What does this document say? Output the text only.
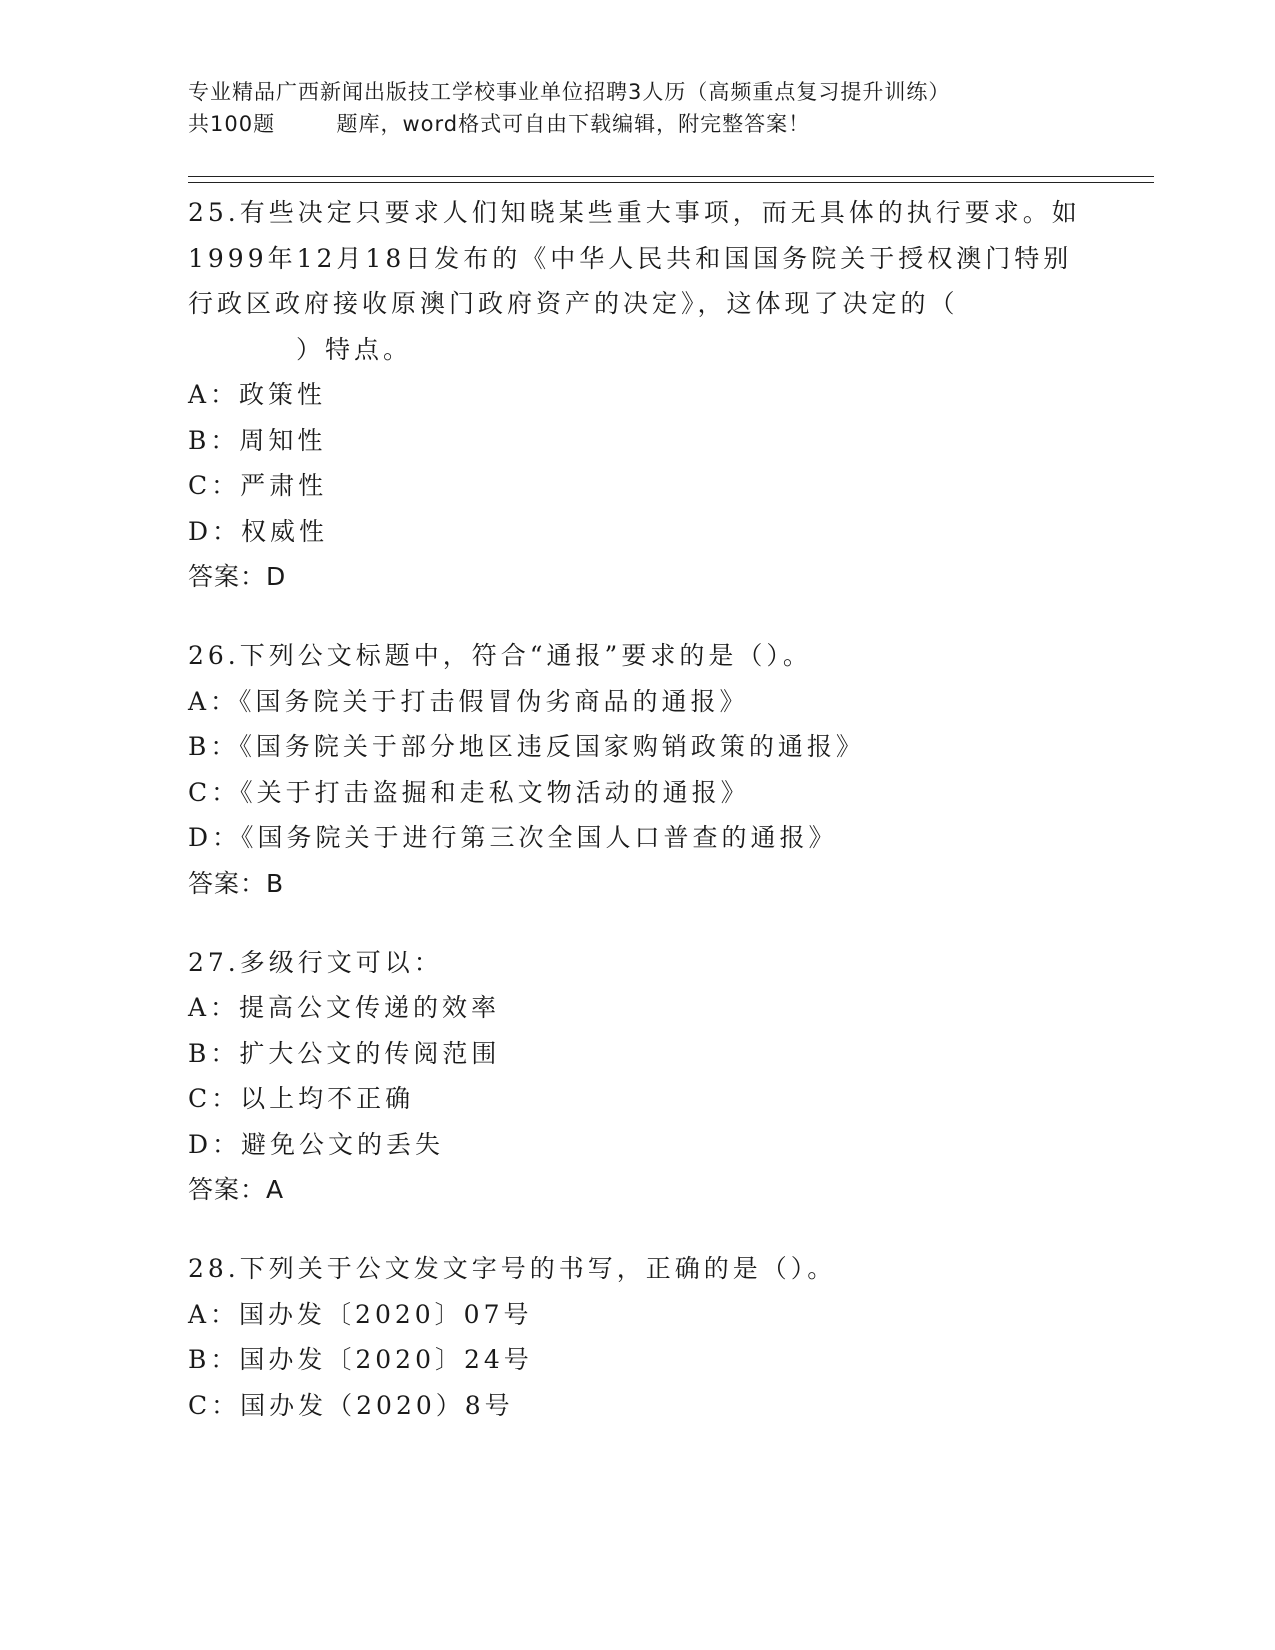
专业精品广西新闻出版技工学校事业单位招聘3人历（高频重点复习提升训练）
共100题        题库，word格式可自由下载编辑，附完整答案！
25.有些决定只要求人们知晓某些重大事项，而无具体的执行要求。如
1999年12月18日发布的《中华人民共和国国务院关于授权澳门特别
行政区政府接收原澳门政府资产的决定》，这体现了决定的（
）特点。
A：政策性
B：周知性
C：严肃性
D：权威性
答案：D
26.下列公文标题中，符合“通报”要求的是（）。
A：《国务院关于打击假冒伪劣商品的通报》
B：《国务院关于部分地区违反国家购销政策的通报》
C：《关于打击盗掘和走私文物活动的通报》
D：《国务院关于进行第三次全国人口普查的通报》
答案：B
27.多级行文可以：
A：提高公文传递的效率
B：扩大公文的传阅范围
C：以上均不正确
D：避免公文的丢失
答案：A
28.下列关于公文发文字号的书写，正确的是（）。
A：国办发〔2020〕07号
B：国办发〔2020〕24号
C：国办发（2020）8号
